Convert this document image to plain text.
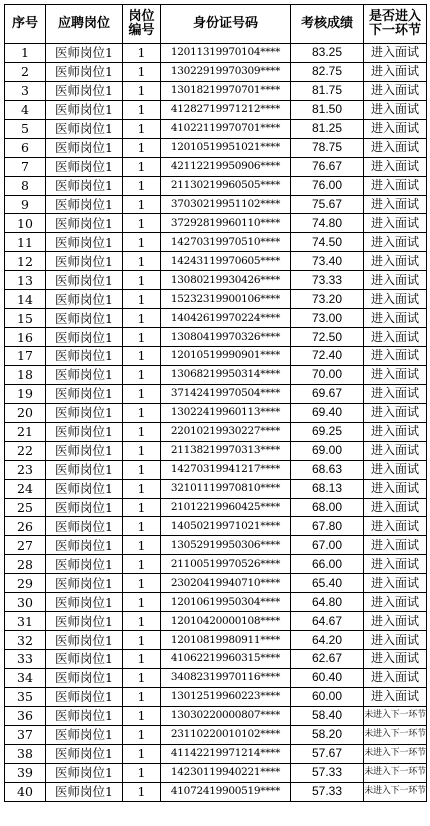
序号	应聘岗位	岗位编号	身份证号码	考核成绩	是否进入下一环节
1	医师岗位1	1	12011319970104****	83.25	进入面试
2	医师岗位1	1	13022919970309****	82.75	进入面试
3	医师岗位1	1	13018219970701****	81.75	进入面试
4	医师岗位1	1	41282719971212****	81.50	进入面试
5	医师岗位1	1	41022119970701****	81.25	进入面试
6	医师岗位1	1	12010519951021****	78.75	进入面试
7	医师岗位1	1	42112219950906****	76.67	进入面试
8	医师岗位1	1	21130219960505****	76.00	进入面试
9	医师岗位1	1	37030219951102****	75.67	进入面试
10	医师岗位1	1	37292819960110****	74.80	进入面试
11	医师岗位1	1	14270319970510****	74.50	进入面试
12	医师岗位1	1	14243119970605****	73.40	进入面试
13	医师岗位1	1	13080219930426****	73.33	进入面试
14	医师岗位1	1	15232319900106****	73.20	进入面试
15	医师岗位1	1	14042619970224****	73.00	进入面试
16	医师岗位1	1	13080419970326****	72.50	进入面试
17	医师岗位1	1	12010519990901****	72.40	进入面试
18	医师岗位1	1	13068219950314****	70.00	进入面试
19	医师岗位1	1	37142419970504****	69.67	进入面试
20	医师岗位1	1	13022419960113****	69.40	进入面试
21	医师岗位1	1	22010219930227****	69.25	进入面试
22	医师岗位1	1	21138219970313****	69.00	进入面试
23	医师岗位1	1	14270319941217****	68.63	进入面试
24	医师岗位1	1	32101119970810****	68.13	进入面试
25	医师岗位1	1	21012219960425****	68.00	进入面试
26	医师岗位1	1	14050219971021****	67.80	进入面试
27	医师岗位1	1	13052919950306****	67.00	进入面试
28	医师岗位1	1	21100519970526****	66.00	进入面试
29	医师岗位1	1	23020419940710****	65.40	进入面试
30	医师岗位1	1	12010619950304****	64.80	进入面试
31	医师岗位1	1	12010420000108****	64.67	进入面试
32	医师岗位1	1	12010819980911****	64.20	进入面试
33	医师岗位1	1	41062219960315****	62.67	进入面试
34	医师岗位1	1	34082319970116****	60.40	进入面试
35	医师岗位1	1	13012519960223****	60.00	进入面试
36	医师岗位1	1	13030220000807****	58.40	未进入下一环节
37	医师岗位1	1	23110220010102****	58.20	未进入下一环节
38	医师岗位1	1	41142219971214****	57.67	未进入下一环节
39	医师岗位1	1	14230119940221****	57.33	未进入下一环节
40	医师岗位1	1	41072419900519****	57.33	未进入下一环节
